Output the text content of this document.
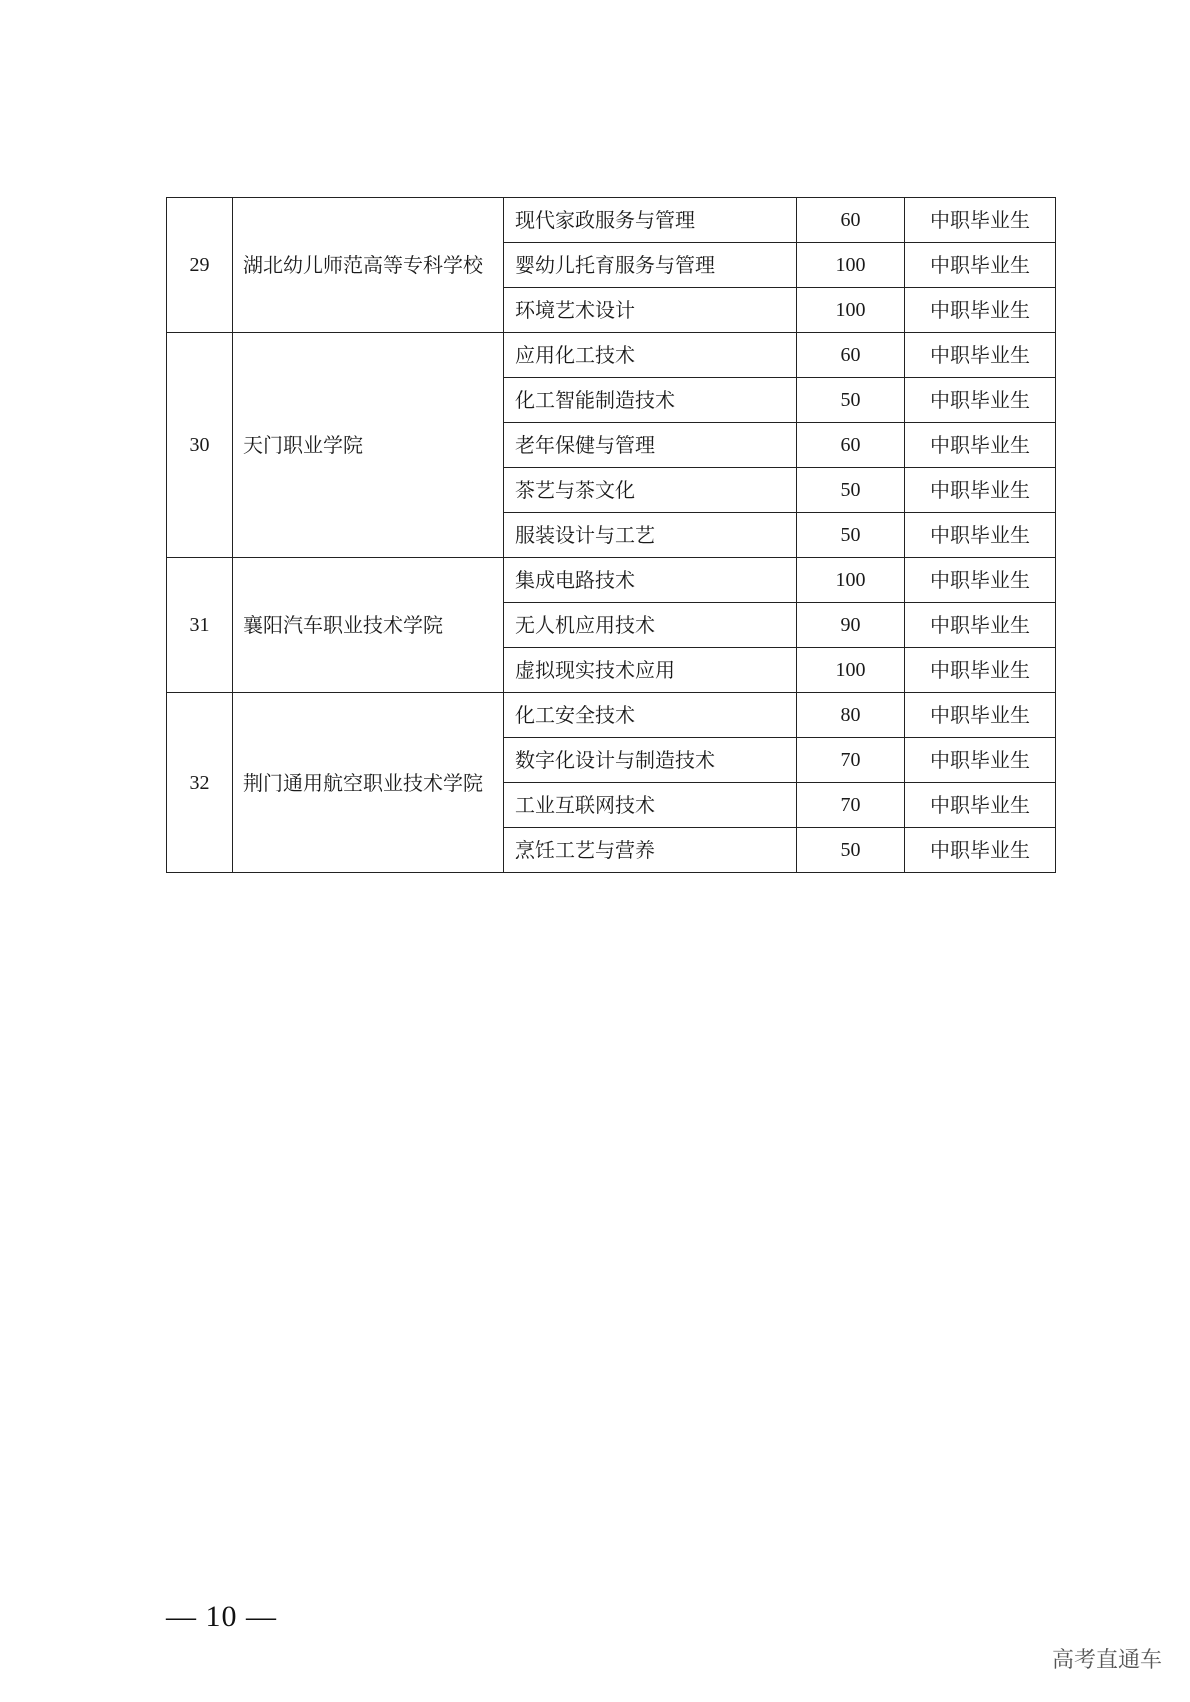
29	湖北幼儿师范高等专科学校	现代家政服务与管理	60	中职毕业生
		婴幼儿托育服务与管理	100	中职毕业生
		环境艺术设计	100	中职毕业生
30	天门职业学院	应用化工技术	60	中职毕业生
		化工智能制造技术	50	中职毕业生
		老年保健与管理	60	中职毕业生
		茶艺与茶文化	50	中职毕业生
		服装设计与工艺	50	中职毕业生
31	襄阳汽车职业技术学院	集成电路技术	100	中职毕业生
		无人机应用技术	90	中职毕业生
		虚拟现实技术应用	100	中职毕业生
32	荆门通用航空职业技术学院	化工安全技术	80	中职毕业生
		数字化设计与制造技术	70	中职毕业生
		工业互联网技术	70	中职毕业生
		烹饪工艺与营养	50	中职毕业生
— 10 —
高考直通车
